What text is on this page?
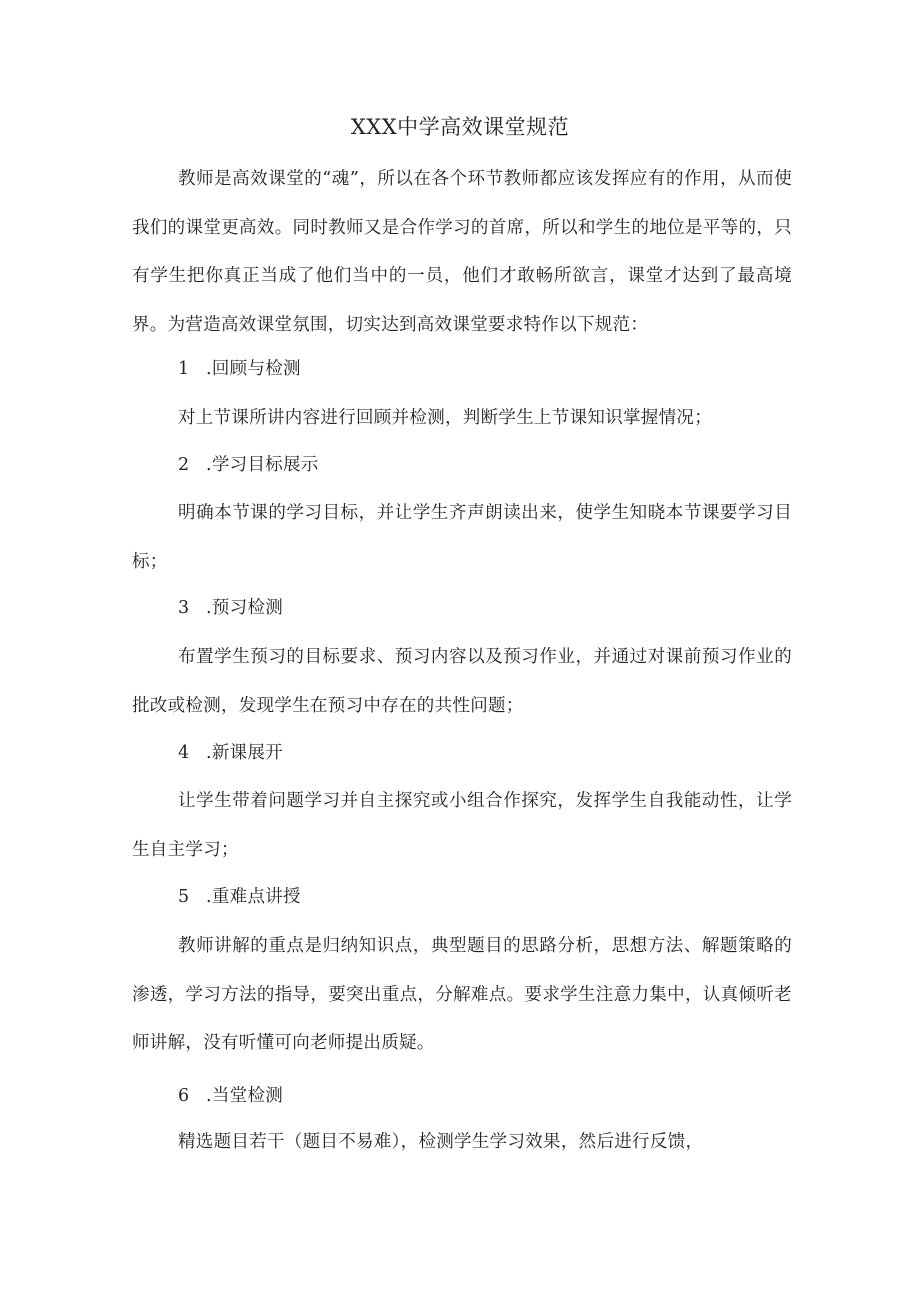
XXX中学高效课堂规范
教师是高效课堂的“魂”，所以在各个环节教师都应该发挥应有的作用，从而使我们的课堂更高效。同时教师又是合作学习的首席，所以和学生的地位是平等的，只有学生把你真正当成了他们当中的一员，他们才敢畅所欲言，课堂才达到了最高境界。为营造高效课堂氛围，切实达到高效课堂要求特作以下规范：
1 .回顾与检测
对上节课所讲内容进行回顾并检测，判断学生上节课知识掌握情况；
2 .学习目标展示
明确本节课的学习目标，并让学生齐声朗读出来，使学生知晓本节课要学习目标；
3 .预习检测
布置学生预习的目标要求、预习内容以及预习作业，并通过对课前预习作业的批改或检测，发现学生在预习中存在的共性问题；
4 .新课展开
让学生带着问题学习并自主探究或小组合作探究，发挥学生自我能动性，让学生自主学习；
5 .重难点讲授
教师讲解的重点是归纳知识点，典型题目的思路分析，思想方法、解题策略的渗透，学习方法的指导，要突出重点，分解难点。要求学生注意力集中，认真倾听老师讲解，没有听懂可向老师提出质疑。
6 .当堂检测
精选题目若干（题目不易难），检测学生学习效果，然后进行反馈，
